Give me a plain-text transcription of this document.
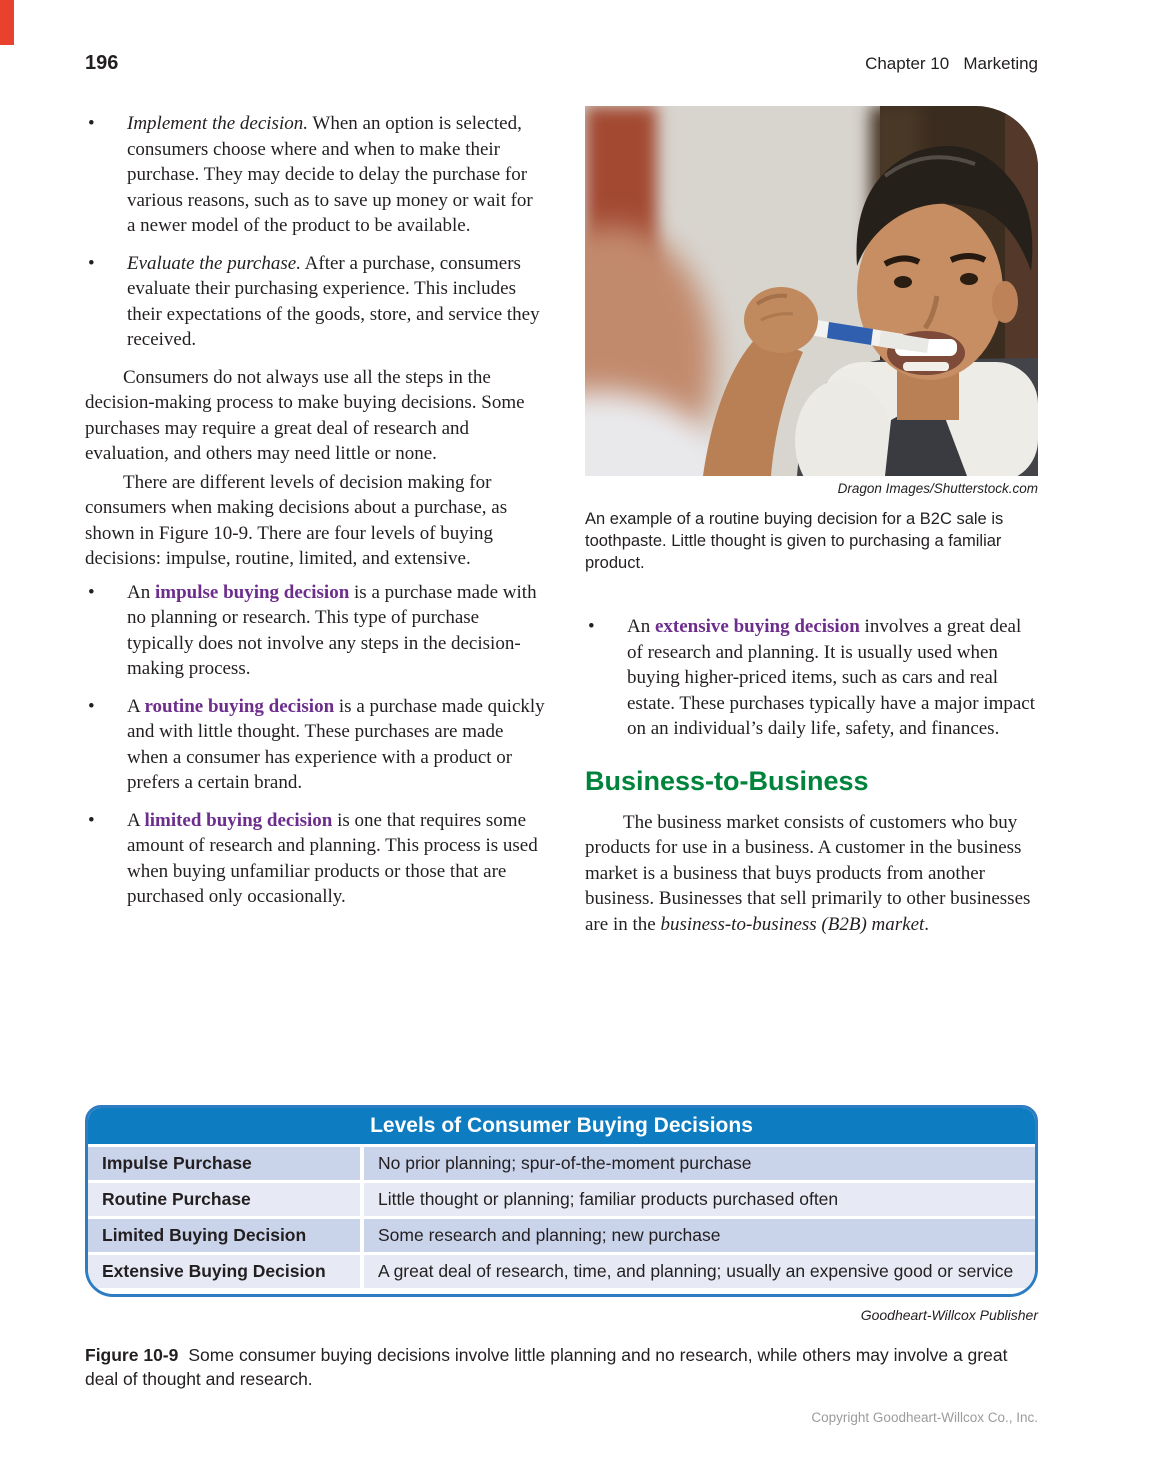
196	Chapter 10   Marketing
•
Implement the decision. When an option is selected, consumers choose where and when to make their purchase. They may decide to delay the purchase for various reasons, such as to save up money or wait for a newer model of the product to be available.
•
Evaluate the purchase. After a purchase, consumers evaluate their purchasing experience. This includes their expectations of the goods, store, and service they received.

Consumers do not always use all the steps in the decision-making process to make buying decisions. Some purchases may require a great deal of research and evaluation, and others may need little or none.

There are different levels of decision making for consumers when making decisions about a purchase, as shown in Figure 10-9. There are four levels of buying decisions: impulse, routine, limited, and extensive.

•
An impulse buying decision is a purchase made with no planning or research. This type of purchase typically does not involve any steps in the decision-making process.
•
A routine buying decision is a purchase made quickly and with little thought. These purchases are made when a consumer has experience with a product or prefers a certain brand.
•
A limited buying decision is one that requires some amount of research and planning. This process is used when buying unfamiliar products or those that are purchased only occasionally.
Dragon Images/Shutterstock.com
An example of a routine buying decision for a B2C sale is toothpaste. Little thought is given to purchasing a familiar product.
•
An extensive buying decision involves a great deal of research and planning. It is usually used when buying higher-priced items, such as cars and real estate. These purchases typically have a major impact on an individual’s daily life, safety, and finances.
Business-to-Business

The business market consists of customers who buy products for use in a business. A customer in the business market is a business that buys products from another business. Businesses that sell primarily to other businesses are in the business-to-business (B2B) market.

Levels of Consumer Buying Decisions
Impulse Purchase	No prior planning; spur-of-the-moment purchase
Routine Purchase	Little thought or planning; familiar products purchased often
Limited Buying Decision	Some research and planning; new purchase
Extensive Buying Decision	A great deal of research, time, and planning; usually an expensive good or service
Goodheart-Willcox Publisher

Figure 10-9 Some consumer buying decisions involve little planning and no research, while others may involve a great deal of thought and research.

Copyright Goodheart-Willcox Co., Inc.
